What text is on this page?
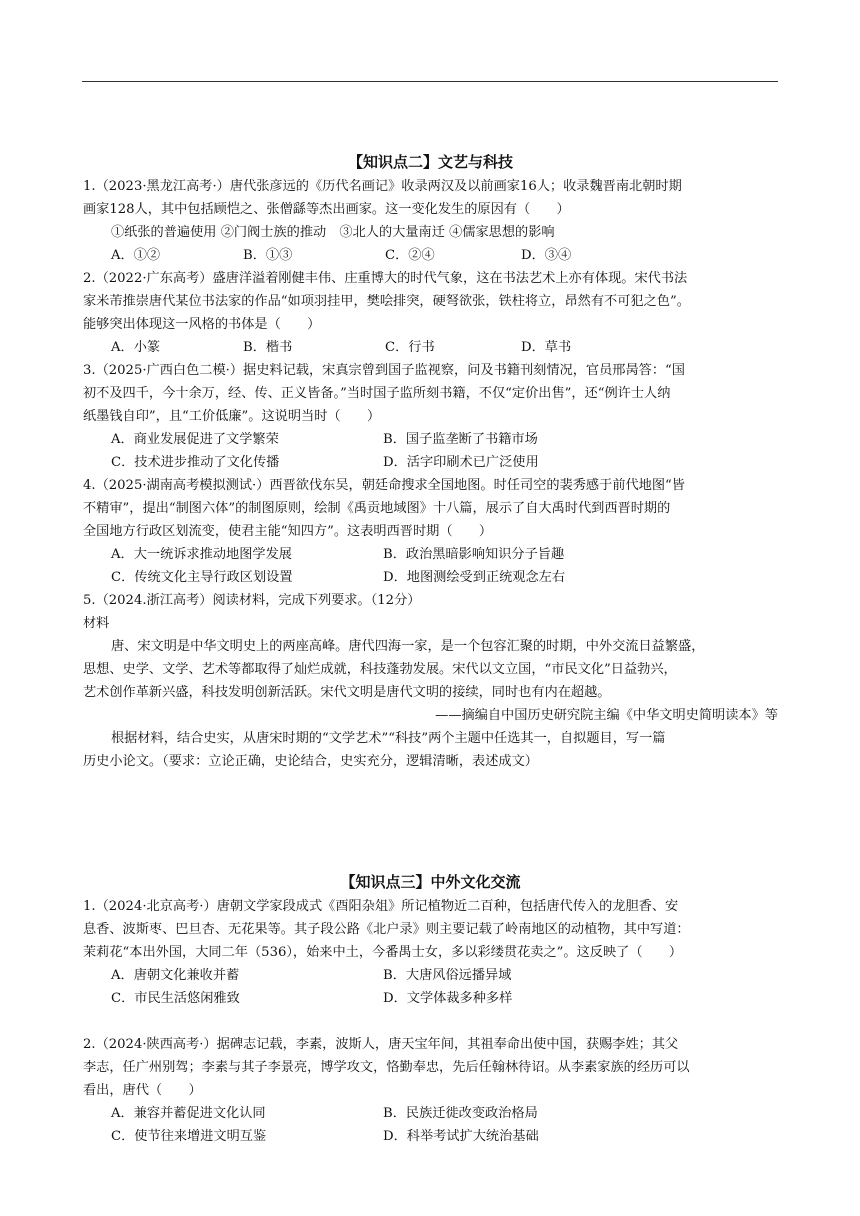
【知识点二】文艺与科技
1.（2023·黑龙江高考·）唐代张彦远的《历代名画记》收录两汉及以前画家16人；收录魏晋南北朝时期
画家128人，其中包括顾恺之、张僧繇等杰出画家。这一变化发生的原因有（　　）
①纸张的普遍使用 ②门阀士族的推动　③北人的大量南迁 ④儒家思想的影响
A．①②	B．①③	C．②④	D．③④
2.（2022·广东高考）盛唐洋溢着刚健丰伟、庄重博大的时代气象，这在书法艺术上亦有体现。宋代书法
家米芾推崇唐代某位书法家的作品“如项羽挂甲，樊哙排突，硬弩欲张，铁柱将立，昂然有不可犯之色”。
能够突出体现这一风格的书体是（　　）
A．小篆	B．楷书	C．行书	D．草书
3.（2025·广西白色二模·）据史料记载，宋真宗曾到国子监视察，问及书籍刊刻情况，官员邢昺答：“国
初不及四千，今十余万，经、传、正义皆备。”当时国子监所刻书籍，不仅“定价出售”，还“例许士人纳
纸墨钱自印”，且“工价低廉”。这说明当时（　　）
A．商业发展促进了文学繁荣	B．国子监垄断了书籍市场
C．技术进步推动了文化传播	D．活字印刷术已广泛使用
4.（2025·湖南高考模拟测试·）西晋欲伐东吴，朝廷命搜求全国地图。时任司空的裴秀感于前代地图“皆
不精审”，提出“制图六体”的制图原则，绘制《禹贡地域图》十八篇，展示了自大禹时代到西晋时期的
全国地方行政区划流变，使君主能“知四方”。这表明西晋时期（　　）
A．大一统诉求推动地图学发展	B．政治黑暗影响知识分子旨趣
C．传统文化主导行政区划设置	D．地图测绘受到正统观念左右
5.（2024.浙江高考）阅读材料，完成下列要求。（12分）
材料
唐、宋文明是中华文明史上的两座高峰。唐代四海一家，是一个包容汇聚的时期，中外交流日益繁盛，
思想、史学、文学、艺术等都取得了灿烂成就，科技蓬勃发展。宋代以文立国，“市民文化”日益勃兴，
艺术创作革新兴盛，科技发明创新活跃。宋代文明是唐代文明的接续，同时也有内在超越。
——摘编自中国历史研究院主编《中华文明史简明读本》等
根据材料，结合史实，从唐宋时期的“文学艺术”“科技”两个主题中任选其一，自拟题目，写一篇
历史小论文。（要求：立论正确，史论结合，史实充分，逻辑清晰，表述成文）
【知识点三】中外文化交流
1.（2024·北京高考·）唐朝文学家段成式《酉阳杂俎》所记植物近二百种，包括唐代传入的龙胆香、安
息香、波斯枣、巴旦杏、无花果等。其子段公路《北户录》则主要记载了岭南地区的动植物，其中写道：
茉莉花“本出外国，大同二年（536），始来中土，今番禺士女，多以彩缕贯花卖之”。这反映了（　　）
A．唐朝文化兼收并蓄	B．大唐风俗远播异域
C．市民生活悠闲雅致	D．文学体裁多种多样
2.（2024·陕西高考·）据碑志记载，李素，波斯人，唐天宝年间，其祖奉命出使中国，获赐李姓；其父
李志，任广州别驾；李素与其子李景亮，博学攻文，恪勤奉忠，先后任翰林待诏。从李素家族的经历可以
看出，唐代（　　）
A．兼容并蓄促进文化认同	B．民族迁徙改变政治格局
C．使节往来增进文明互鉴	D．科举考试扩大统治基础
